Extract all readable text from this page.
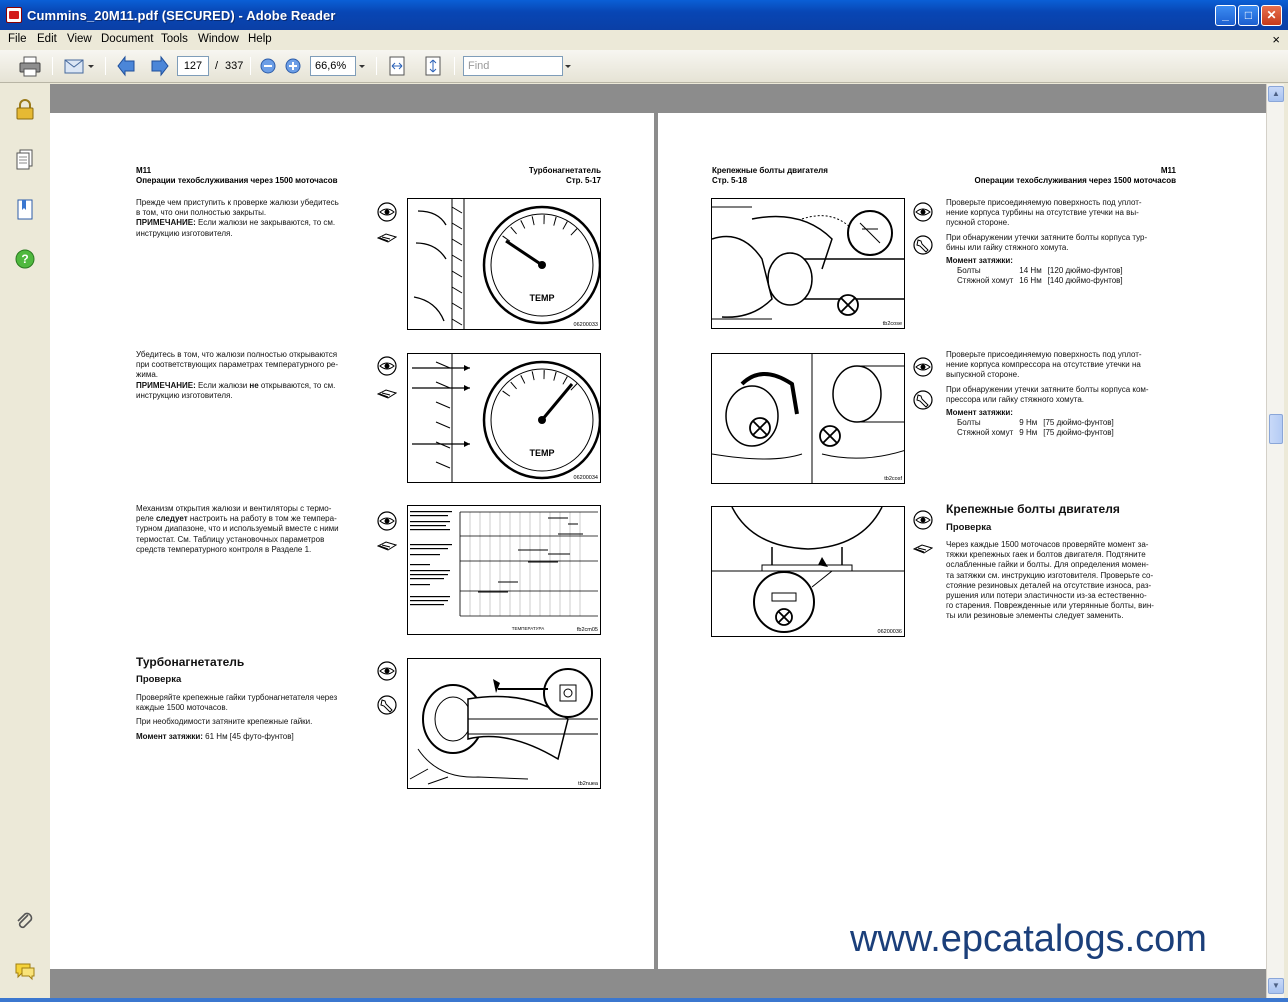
Cummins_20M11.pdf (SECURED) - Adobe Reader	_	□	✕
File Edit View Document Tools Window Help	×
127	/ 337	66,6%	Find
?
▲
▼
M11
Операции техобслуживания через 1500 моточасов
Турбонагнетатель
Стр. 5-17
Прежде чем приступить к проверке жалюзи убедитесь
в том, что они полностью закрыты.
ПРИМЕЧАНИЕ: Если жалюзи не закрываются, то см.
инструкцию изготовителя.
TEMP
06200033
Убедитесь в том, что жалюзи полностью открываются
при соответствующих параметрах температурного ре-
жима.
ПРИМЕЧАНИЕ: Если жалюзи не открываются, то см.
инструкцию изготовителя.
TEMP
06200034
Механизм открытия жалюзи и вентиляторы с термо-
реле следует настроить на работу в том же темпера-
турном диапазоне, что и используемый вместе с ними
термостат. См. Таблицу установочных параметров
средств температурного контроля в Разделе 1.
ТЕМПЕРАТУРА	fb2cm05
Турбонагнетатель
Проверка
Проверяйте крепежные гайки турбонагнетателя через
каждые 1500 моточасов.
При необходимости затяните крепежные гайки.
Момент затяжки: 61 Нм [45 футо-фунтов]
tb2nuea
Крепежные болты двигателя
Стр. 5-18
M11
Операции техобслуживания через 1500 моточасов
tb2cose
Проверьте присоединяемую поверхность под уплот-
нение корпуса турбины на отсутствие утечки на вы-
пускной стороне.
При обнаружении утечки затяните болты корпуса тур-
бины или гайку стяжного хомута.
Момент затяжки:
Болты	14 Нм	[120 дюймо-фунтов]
Стяжной хомут	16 Нм	[140 дюймо-фунтов]
tb2cosf
Проверьте присоединяемую поверхность под уплот-
нение корпуса компрессора на отсутствие утечки на
выпускной стороне.
При обнаружении утечки затяните болты корпуса ком-
прессора или гайку стяжного хомута.
Момент затяжки:
Болты	9 Нм	[75 дюймо-фунтов]
Стяжной хомут	9 Нм	[75 дюймо-фунтов]
06200036
Крепежные болты двигателя
Проверка
Через каждые 1500 моточасов проверяйте момент за-
тяжки крепежных гаек и болтов двигателя. Подтяните
ослабленные гайки и болты. Для определения момен-
та затяжки см. инструкцию изготовителя. Проверьте со-
стояние резиновых деталей на отсутствие износа, раз-
рушения или потери эластичности из-за естественно-
го старения. Поврежденные или утерянные болты, вин-
ты или резиновые элементы следует заменить.
www.epcatalogs.com
